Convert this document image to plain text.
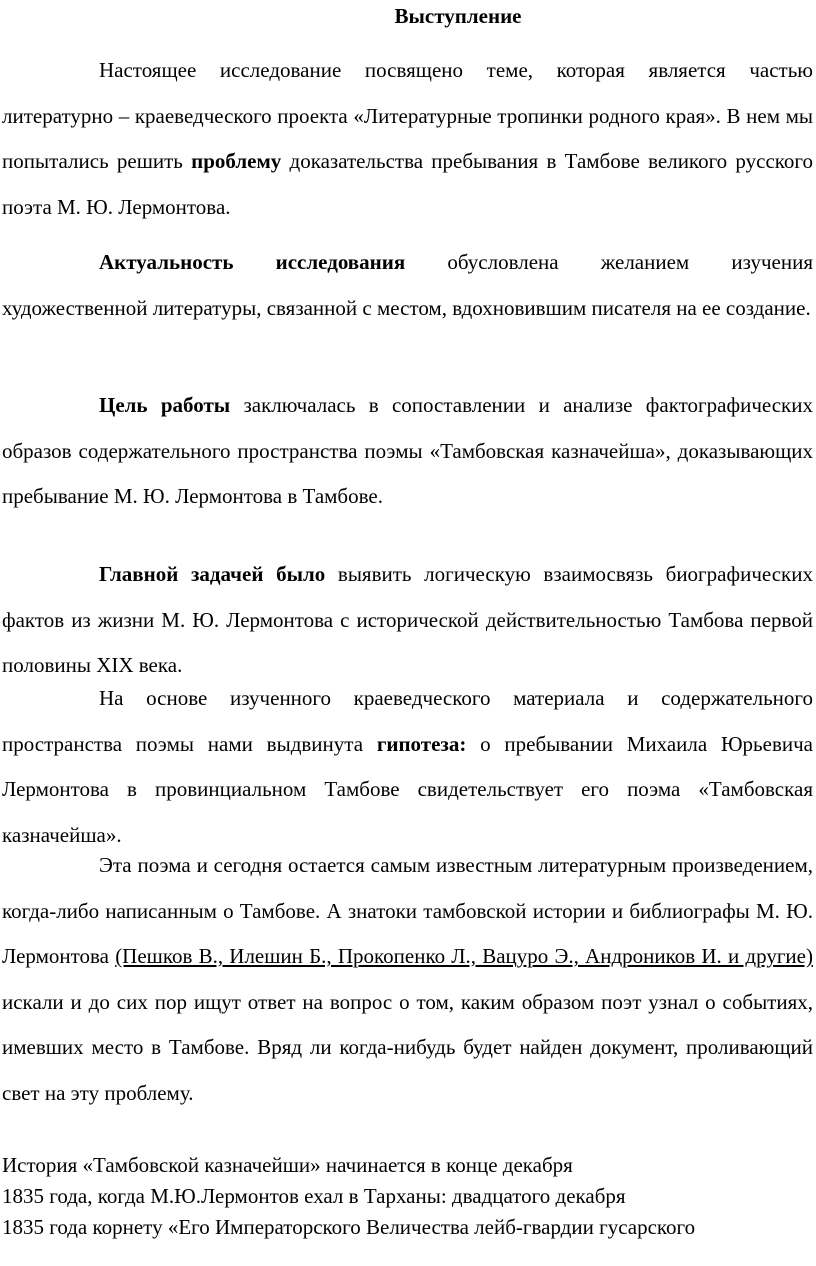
Выступление

Настоящее исследование посвящено теме, которая является частью литературно – краеведческого проекта «Литературные тропинки родного края». В нем мы попытались решить проблему доказательства пребывания в Тамбове великого русского поэта М. Ю. Лермонтова.

Актуальность исследования обусловлена желанием изучения художественной литературы, связанной с местом, вдохновившим писателя на ее создание.

Цель работы заключалась в сопоставлении и анализе фактографических образов содержательного пространства поэмы «Тамбовская казначейша», доказывающих пребывание М. Ю. Лермонтова в Тамбове.

Главной задачей было выявить логическую взаимосвязь биографических фактов из жизни М. Ю. Лермонтова с исторической действительностью Тамбова первой половины XIX века.

На основе изученного краеведческого материала и содержательного пространства поэмы нами выдвинута гипотеза: о пребывании Михаила Юрьевича Лермонтова в провинциальном Тамбове свидетельствует его поэма «Тамбовская казначейша».

Эта поэма и сегодня остается самым известным литературным произведением, когда-либо написанным о Тамбове. А знатоки тамбовской истории и библиографы М. Ю. Лермонтова (Пешков В., Илешин Б., Прокопенко Л., Вацуро Э., Андроников И. и другие) искали и до сих пор ищут ответ на вопрос о том, каким образом поэт узнал о событиях, имевших место в Тамбове. Вряд ли когда-нибудь будет найден документ, проливающий свет на эту проблему.

История «Тамбовской казначейши» начинается в конце декабря
1835 года, когда М.Ю.Лермонтов ехал в Тарханы: двадцатого декабря
1835 года корнету «Его Императорского Величества лейб-гвардии гусарского
